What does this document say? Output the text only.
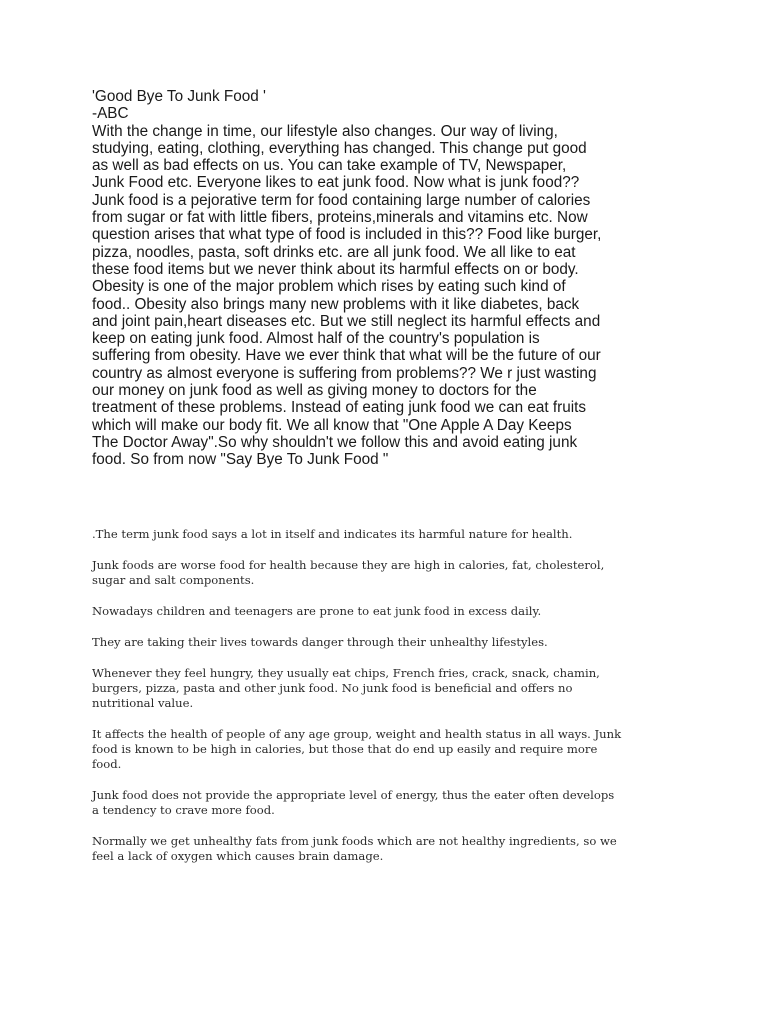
'Good Bye To Junk Food '
-ABC
With the change in time, our lifestyle also changes. Our way of living,
studying, eating, clothing, everything has changed. This change put good
as well as bad effects on us. You can take example of TV, Newspaper,
Junk Food etc. Everyone likes to eat junk food. Now what is junk food??
Junk food is a pejorative term for food containing large number of calories
from sugar or fat with little fibers, proteins,minerals and vitamins etc. Now
question arises that what type of food is included in this?? Food like burger,
pizza, noodles, pasta, soft drinks etc. are all junk food. We all like to eat
these food items but we never think about its harmful effects on or body.
Obesity is one of the major problem which rises by eating such kind of
food.. Obesity also brings many new problems with it like diabetes, back
and joint pain,heart diseases etc. But we still neglect its harmful effects and
keep on eating junk food. Almost half of the country's population is
suffering from obesity. Have we ever think that what will be the future of our
country as almost everyone is suffering from problems?? We r just wasting
our money on junk food as well as giving money to doctors for the
treatment of these problems. Instead of eating junk food we can eat fruits
which will make our body fit. We all know that "One Apple A Day Keeps
The Doctor Away".So why shouldn't we follow this and avoid eating junk
food. So from now "Say Bye To Junk Food "
.The term junk food says a lot in itself and indicates its harmful nature for health.
Junk foods are worse food for health because they are high in calories, fat, cholesterol,
sugar and salt components.
Nowadays children and teenagers are prone to eat junk food in excess daily.
They are taking their lives towards danger through their unhealthy lifestyles.
Whenever they feel hungry, they usually eat chips, French fries, crack, snack, chamin,
burgers, pizza, pasta and other junk food. No junk food is beneficial and offers no
nutritional value.
It affects the health of people of any age group, weight and health status in all ways. Junk
food is known to be high in calories, but those that do end up easily and require more
food.
Junk food does not provide the appropriate level of energy, thus the eater often develops
a tendency to crave more food.
Normally we get unhealthy fats from junk foods which are not healthy ingredients, so we
feel a lack of oxygen which causes brain damage.
